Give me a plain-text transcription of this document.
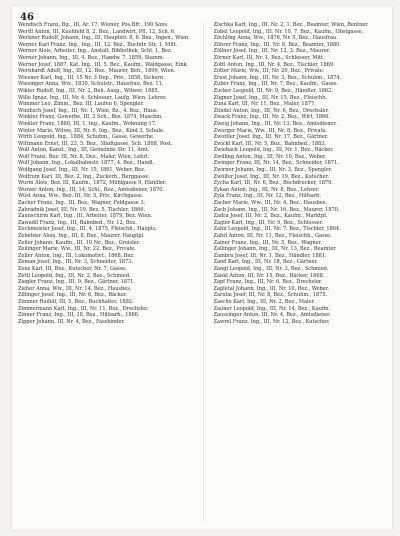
46

Wendisch Franz, Bg., III, Ar. 17, Wiener, Pos.Bfr., 190 Sons.

Werdl Anton, III, Kuehfeld 8, 2. Bez., Landwirt, Pfl. 12, Sch. 6.

Werkner Rudolf, Johann, Ing., III, Hauptstr. 8, 6. Bez., Ingen., Wien.

Werner Karl Franz, Ing., Ing., III, 12. Bez., Buchdr. Str. 1, Mitt.

Werner Alois, Arbeiter, Ing., Anstalt, Bibliothek, Schl. 1, Bez.

Werner Johann, Ing., III, 4. Bez., Handw. 7. 1859, Stamm.

Werner Josef, 1887, Kat. Ing., III, 5. Bez., Kaufm., Waldgasse, Eink.

Wernhardt Adolf, Ing., III, 12. Bez., Maurer, Beh., 1899, Wien.

Wiesner Karl, Ing., III, 15 Nr. 3 Dep., Priv., 1858, Sichern.

Wiesinger Anna, Ww., 1830, Schulstr., Hausfrau, Bez. 11.

Wikler Rudolf, Ing., III, Nr. 2, Beh. Ausg., Witwer, 1885.

Wille Ignaz, Ing., III, Nr. 4, Schlosser, Laufg. Wien, Lehrer.

Wimmer Leo, Zimm., Bez. III, Laufen 6, Spengler.

Windisch Josef, Ing., III, Nr. 1, Wien, Bz., 4. Bez., Haus.

Winkler Franz, Gewerbe, III, 3 Sch., Bez. 1874, Maschin.

Winkler Franz, 1880, III, 1, Ing., Kaufm., Wohnung 17.

Winter Marie, Witwe, III, Nr. 6, Ing., Bez., Kind 3, Schule.

Wirth Leopold, Ing., 1884, Schuhm., Gasse, Gewerbe.

Wittmann Ernst, III, 23, 5. Bez., Stadtgasse, Sch. 1868, Post.

Wolf Anton, Kanzl., Ing., III, Gemeinde Str. 11, Amt.

Wolf Franz, Bez. III, Nr. 8, Dez., Maler, Wien, Lehrl.

Wolf Johann, Ing., Lokalbahnstr. 1877, 4. Bez., Handl.

Wolfgang Josef, Ing., III, Nr. 15, 1861, Weber, Bez.

Wolfrum Karl, III, Bez. 2, Ing., Zuckerb., Berggasse.

Wurm Alois, Bez. III, Kaufm., 1872, Mühlgasse 9, Händler.

Wurzer Anton, Ing., III, 14, Schl., Bez., Amtsdiener, 1870.

Wüst Anna, Ww., Bez. III, Nr. 5, Priv., Kirchgasse.

Zacher Franz, Ing., III, Bez., Wagner, Feldgasse 3.

Zahradnik Josef, III, Nr. 19, Bez. 5, Tischler, 1866.

Zaunschirm Karl, Ing., III, Arbeiter, 1879, Bez. Wien.

Zawadil Franz, Ing., III, Bahnbed., Nr. 12, Bez.

Zechmeister Josef, Ing., III, 4, 1875, Fleischh., Haupts.

Zehetner Alois, Ing., III, 8, Bez., Maurer, Hauptpl.

Zeiler Johann, Kaufm., III, 10 Nr., Bez., Greisler.

Zeilinger Marie, Ww., III, Nr. 22, Bez., Private.

Zeller Anton, Ing., III, Lokomotivf., 1868, Bez.

Zeman Josef, Ing., III, Nr. 3, Schneider, 1873.

Zenz Karl, III, Bez., Kutscher, Nr. 7, Gasse.

Zettl Leopold, Ing., III, Nr. 2, Bez., Schmied.

Ziegler Franz, Ing., III, 9, Bez., Gärtner, 1871.

Zieher Anna, Ww., III, Nr. 14, Bez., Hausbes.

Zillinger Josef, Ing., III, Nr. 6, Bez., Bäcker.

Zimmer Rudolf, III, 5, Bez., Buchhalter, 1882.

Zimmermann Karl, Ing., III, Nr. 11, Bez., Drechsler.

Zinner Franz, Ing., III, 18, Bez., Hilfsarb., 1886.

Zipper Johann, III, Nr. 4, Bez., Fassbinder.

Zischka Karl, Ing., III, Nr. 2, 1. Bez., Beamter, Wien, Rentner.

Zobel Leopold, Ing., III, Nr. 10, 7. Bez., Kaufm., Obstgasse.

Zöchling Anna, Ww., 1876, Nr. 5, Bez., Hausfrau.

Zöhrer Franz, Ing., III, Nr. 8, Bez., Beamter, 1880.

Zöllner Josef, Ing., III, Nr. 12, 3. Bez., Maurer.

Zörner Karl, III, Nr. 1, Bez., Schlosser, Mitt.

Zottl Anton, Ing., III, Nr. 4, Bez., Tischler, 1869.

Zotter Marie, Ww., III, Nr. 20, Bez., Private.

Zrust Johann, Ing., III, Nr. 3, Bez., Schuhm., 1874.

Zuber Franz, Ing., III, Nr. 7, Bez., Kaufm., Gasse.

Zucker Leopold, III, Nr. 9, Bez., Händler, 1862.

Zügner Josef, Ing., III, Nr. 15, Bez., Fleischh.

Zuna Karl, III, Nr. 11, Bez., Maler, 1877.

Zündel Anton, Ing., III, Nr. 6, Bez., Drechsler.

Zwack Franz, Ing., III, Nr. 2, Bez., Wirt, 1866.

Zweig Johann, Ing., III, Nr. 13, Bez., Amtsdiener.

Zwerger Marie, Ww., III, Nr. 8, Bez., Private.

Zwettler Josef, Ing., III, Nr. 17, Bez., Gärtner.

Zwickl Karl, III, Nr. 5, Bez., Bahnbed., 1883.

Zwieback Leopold, Ing., III, Nr. 1, Bez., Bäcker.

Zwilling Anton, Ing., III, Nr. 10, Bez., Weber.

Zwinger Franz, III, Nr. 14, Bez., Schneider, 1871.

Zwirner Johann, Ing., III, Nr. 3, Bez., Spengler.

Zwölfer Josef, Ing., III, Nr. 19, Bez., Kutscher.

Zycha Karl, III, Nr. 6, Bez., Buchdrucker, 1879.

Zykan Anton, Ing., III, Nr. 8, Bez., Lehrer.

Zyla Franz, Ing., III, Nr. 12, Bez., Hilfsarb.

Zacher Marie, Ww., III, Nr. 4, Bez., Hausbes.

Zach Johann, Ing., III, Nr. 16, Bez., Maurer, 1870.

Zadra Josef, III, Nr. 2, Bez., Kaufm., Marktpl.

Zagler Karl, Ing., III, Nr. 9, Bez., Schlosser.

Zahn Leopold, Ing., III, Nr. 7, Bez., Tischler, 1864.

Zahrl Anton, III, Nr. 11, Bez., Fleischh., Gasse.

Zainer Franz, Ing., III, Nr. 5, Bez., Wagner.

Zallinger Johann, Ing., III, Nr. 13, Bez., Beamter.

Zambra Josef, III, Nr. 1, Bez., Händler, 1881.

Zand Karl, Ing., III, Nr. 18, Bez., Gärtner.

Zangl Leopold, Ing., III, Nr. 3, Bez., Schmied.

Zankl Anton, III, Nr. 15, Bez., Bäcker, 1868.

Zapf Franz, Ing., III, Nr. 6, Bez., Drechsler.

Zapletal Johann, Ing., III, Nr. 10, Bez., Weber.

Zaruba Josef, III, Nr. 8, Bez., Schuhm., 1875.

Zasche Karl, Ing., III, Nr. 2, Bez., Maler.

Zauner Leopold, Ing., III, Nr. 14, Bez., Kaufm.

Zaussinger Anton, III, Nr. 4, Bez., Amtsdiener.

Zawrel Franz, Ing., III, Nr. 12, Bez., Kutscher.
